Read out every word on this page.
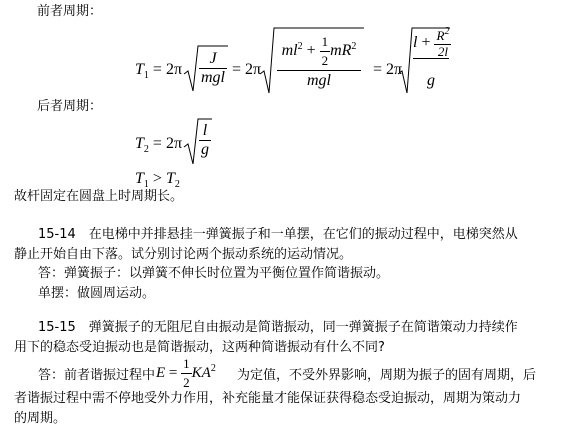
前者周期：
$T_1 = 2\pi \frac{J}{\text{mgl}} = 2\pi$
$ml^2 + \frac{1}{2} mR^2$
mgl
= 2π
$l + \frac{R^2}{2l}$
g
后者周期：
$T_2 = 2\pi \frac{l}{g}$
$T_1 > T_2$
故杆固定在圆盘上时周期长。
15-14　在电梯中并排悬挂一弹簧振子和一单摆，在它们的振动过程中，电梯突然从
静止开始自由下落。试分别讨论两个振动系统的运动情况。
答：弹簧振子：以弹簧不伸长时位置为平衡位置作简谐振动。
单摆：做圆周运动。
15-15　弹簧振子的无阻尼自由振动是简谐振动，同一弹簧振子在简谐策动力持续作
用下的稳态受迫振动也是简谐振动，这两种简谐振动有什么不同?
答：前者谐振过程中 $E = \frac{1}{2} KA^2$ 为定值，不受外界影响，周期为振子的固有周期，后
者谐振过程中需不停地受外力作用，补充能量才能保证获得稳态受迫振动，周期为策动力
的周期。
